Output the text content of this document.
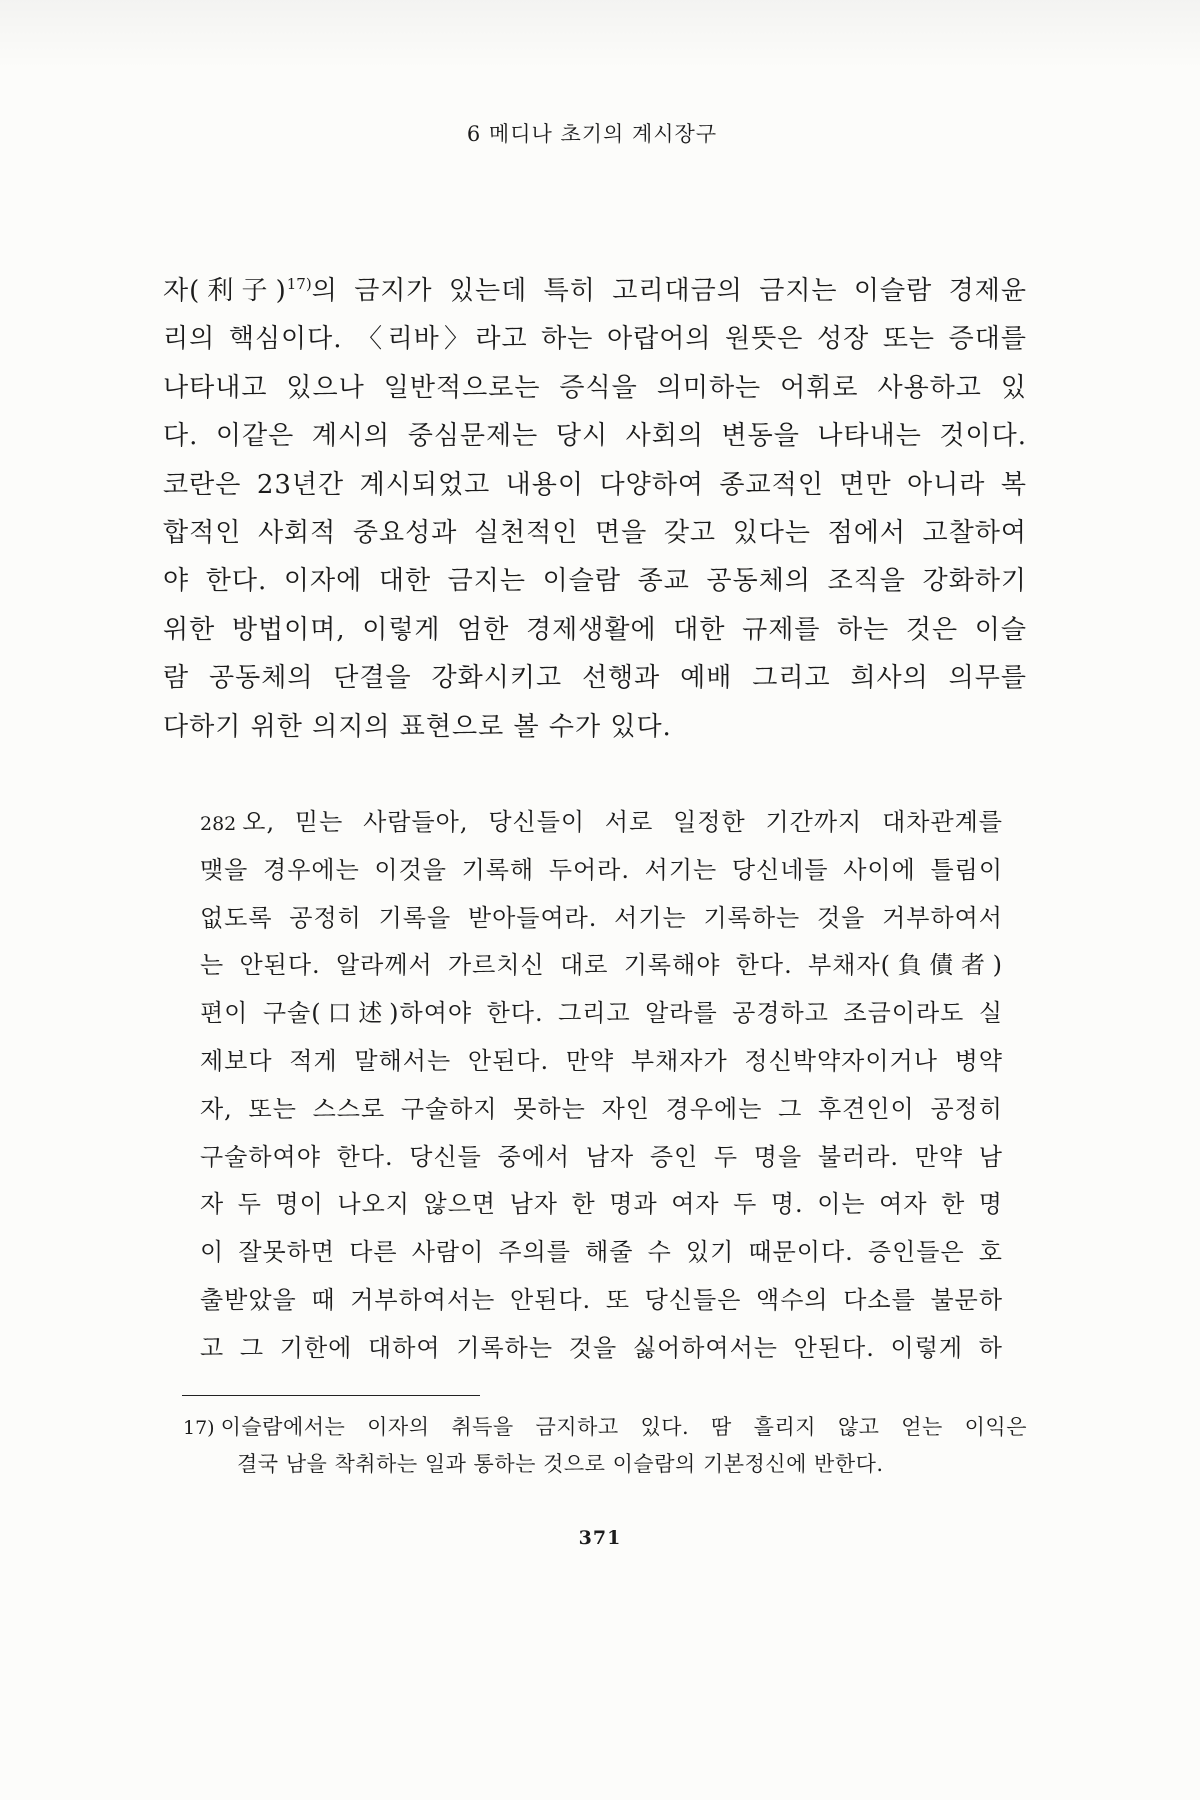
6 메디나 초기의 계시장구
자(利子)$^{17)}$의 금지가 있는데 특히 고리대금의 금지는 이슬람 경제윤
리의 핵심이다. 〈리바〉라고 하는 아랍어의 원뜻은 성장 또는 증대를
나타내고 있으나 일반적으로는 증식을 의미하는 어휘로 사용하고 있
다. 이같은 계시의 중심문제는 당시 사회의 변동을 나타내는 것이다.
코란은 23년간 계시되었고 내용이 다양하여 종교적인 면만 아니라 복
합적인 사회적 중요성과 실천적인 면을 갖고 있다는 점에서 고찰하여
야 한다. 이자에 대한 금지는 이슬람 종교 공동체의 조직을 강화하기
위한 방법이며, 이렇게 엄한 경제생활에 대한 규제를 하는 것은 이슬
람 공동체의 단결을 강화시키고 선행과 예배 그리고 희사의 의무를
다하기 위한 의지의 표현으로 볼 수가 있다.
282 오, 믿는 사람들아, 당신들이 서로 일정한 기간까지 대차관계를
맺을 경우에는 이것을 기록해 두어라. 서기는 당신네들 사이에 틀림이
없도록 공정히 기록을 받아들여라. 서기는 기록하는 것을 거부하여서
는 안된다. 알라께서 가르치신 대로 기록해야 한다. 부채자(負債者)
편이 구술(口述)하여야 한다. 그리고 알라를 공경하고 조금이라도 실
제보다 적게 말해서는 안된다. 만약 부채자가 정신박약자이거나 병약
자, 또는 스스로 구술하지 못하는 자인 경우에는 그 후견인이 공정히
구술하여야 한다. 당신들 중에서 남자 증인 두 명을 불러라. 만약 남
자 두 명이 나오지 않으면 남자 한 명과 여자 두 명. 이는 여자 한 명
이 잘못하면 다른 사람이 주의를 해줄 수 있기 때문이다. 증인들은 호
출받았을 때 거부하여서는 안된다. 또 당신들은 액수의 다소를 불문하
고 그 기한에 대하여 기록하는 것을 싫어하여서는 안된다. 이렇게 하
17) 이슬람에서는 이자의 취득을 금지하고 있다. 땀 흘리지 않고 얻는 이익은
결국 남을 착취하는 일과 통하는 것으로 이슬람의 기본정신에 반한다.
371
